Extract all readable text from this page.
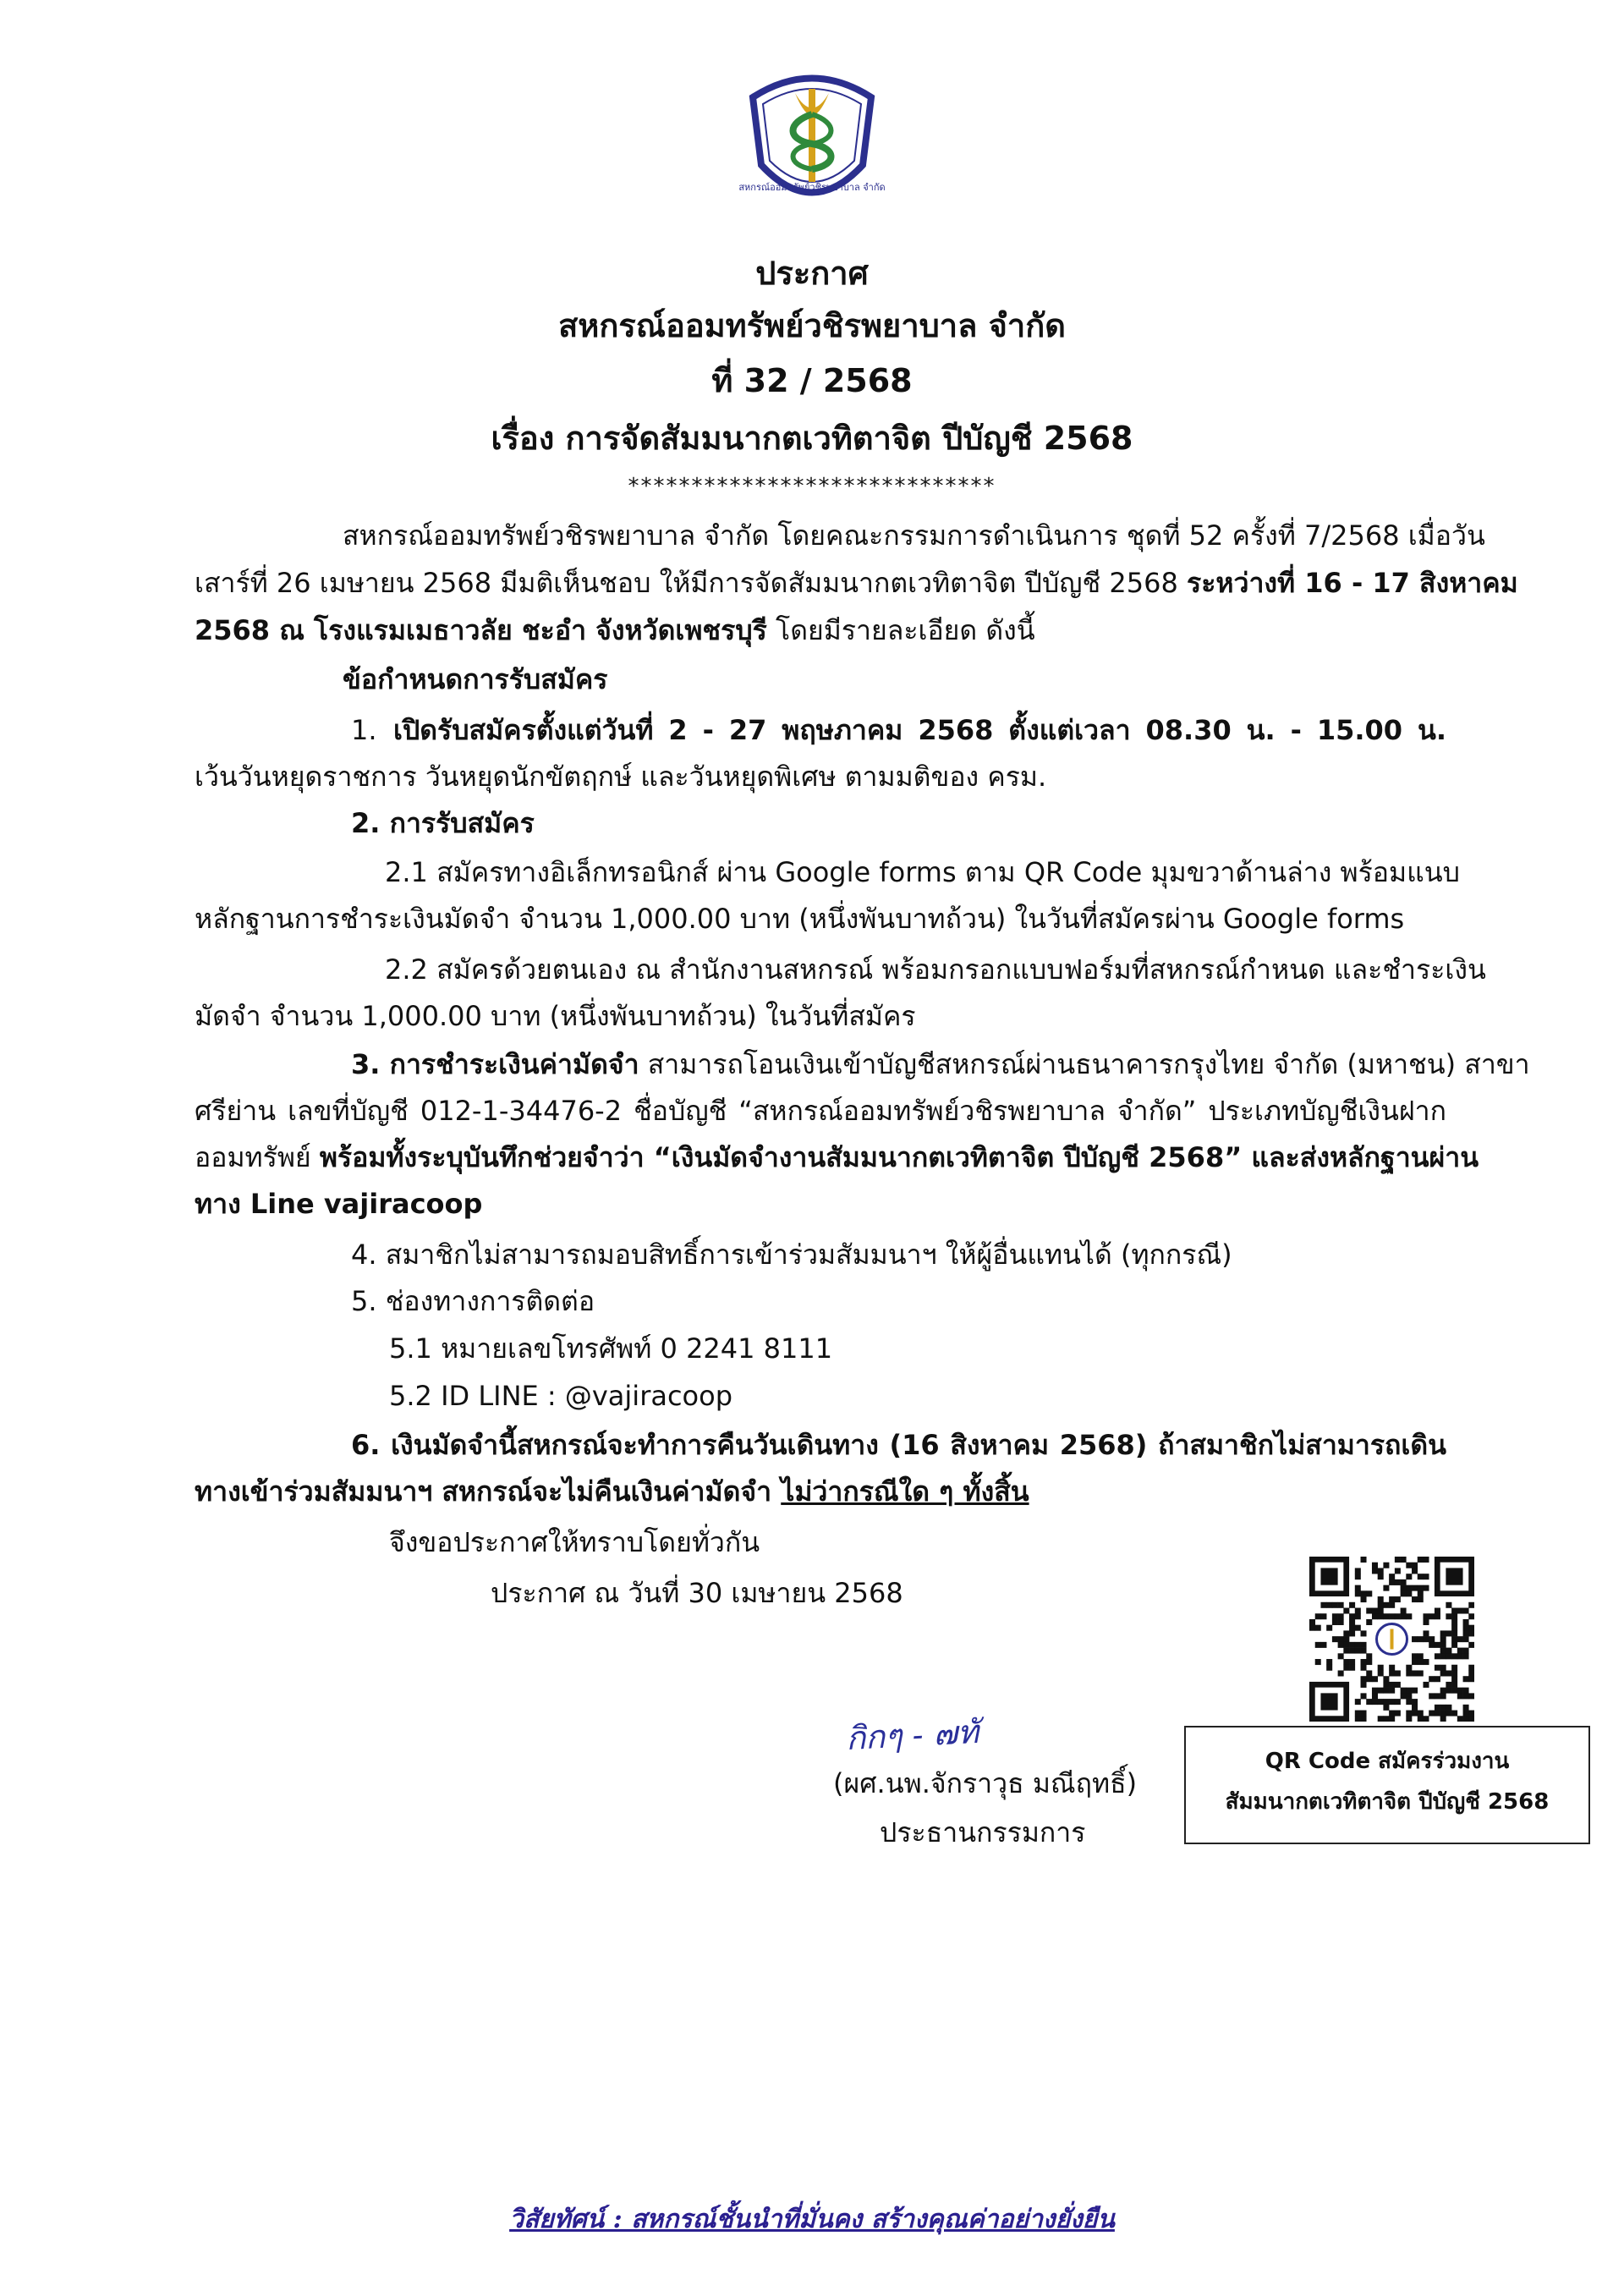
สหกรณ์ออมทรัพย์วชิรพยาบาล จำกัด
ประกาศ
สหกรณ์ออมทรัพย์วชิรพยาบาล จำกัด
ที่ 32 / 2568
เรื่อง การจัดสัมมนากตเวทิตาจิต ปีบัญชี 2568
*****************************
สหกรณ์ออมทรัพย์วชิรพยาบาล จำกัด โดยคณะกรรมการดำเนินการ ชุดที่ 52 ครั้งที่ 7/2568 เมื่อวัน
เสาร์ที่ 26 เมษายน 2568 มีมติเห็นชอบ ให้มีการจัดสัมมนากตเวทิตาจิต ปีบัญชี 2568 ระหว่างที่ 16 - 17 สิงหาคม
2568 ณ โรงแรมเมธาวลัย ชะอำ จังหวัดเพชรบุรี โดยมีรายละเอียด ดังนี้
ข้อกำหนดการรับสมัคร
1. เปิดรับสมัครตั้งแต่วันที่ 2 - 27 พฤษภาคม 2568 ตั้งแต่เวลา 08.30 น. - 15.00 น.
เว้นวันหยุดราชการ วันหยุดนักขัตฤกษ์ และวันหยุดพิเศษ ตามมติของ ครม.
2. การรับสมัคร
2.1 สมัครทางอิเล็กทรอนิกส์ ผ่าน Google forms ตาม QR Code มุมขวาด้านล่าง พร้อมแนบ
หลักฐานการชำระเงินมัดจำ จำนวน 1,000.00 บาท (หนึ่งพันบาทถ้วน) ในวันที่สมัครผ่าน Google forms
2.2 สมัครด้วยตนเอง ณ สำนักงานสหกรณ์ พร้อมกรอกแบบฟอร์มที่สหกรณ์กำหนด และชำระเงิน
มัดจำ จำนวน 1,000.00 บาท (หนึ่งพันบาทถ้วน) ในวันที่สมัคร
3. การชำระเงินค่ามัดจำ สามารถโอนเงินเข้าบัญชีสหกรณ์ผ่านธนาคารกรุงไทย จำกัด (มหาชน) สาขา
ศรีย่าน เลขที่บัญชี 012-1-34476-2 ชื่อบัญชี “สหกรณ์ออมทรัพย์วชิรพยาบาล จำกัด” ประเภทบัญชีเงินฝาก
ออมทรัพย์ พร้อมทั้งระบุบันทึกช่วยจำว่า “เงินมัดจำงานสัมมนากตเวทิตาจิต ปีบัญชี 2568” และส่งหลักฐานผ่าน
ทาง Line vajiracoop
4. สมาชิกไม่สามารถมอบสิทธิ์การเข้าร่วมสัมมนาฯ ให้ผู้อื่นแทนได้ (ทุกกรณี)
5. ช่องทางการติดต่อ
5.1 หมายเลขโทรศัพท์ 0 2241 8111
5.2 ID LINE : @vajiracoop
6. เงินมัดจำนี้สหกรณ์จะทำการคืนวันเดินทาง (16 สิงหาคม 2568) ถ้าสมาชิกไม่สามารถเดิน
ทางเข้าร่วมสัมมนาฯ สหกรณ์จะไม่คืนเงินค่ามัดจำ ไม่ว่ากรณีใด ๆ ทั้งสิ้น
จึงขอประกาศให้ทราบโดยทั่วกัน
ประกาศ ณ วันที่ 30 เมษายน 2568
กิกๆ - ๗ทั
(ผศ.นพ.จักราวุธ มณีฤทธิ์)
ประธานกรรมการ
QR Code สมัครร่วมงาน
สัมมนากตเวทิตาจิต ปีบัญชี 2568
วิสัยทัศน์ : สหกรณ์ชั้นนำที่มั่นคง สร้างคุณค่าอย่างยั่งยืน
